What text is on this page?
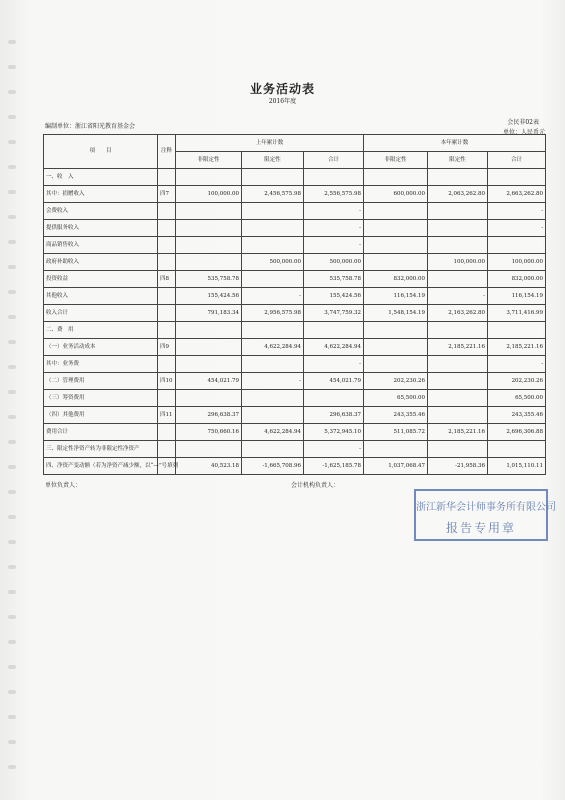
业务活动表
2016年度
编制单位：浙江省阳光教育基金会
会民非02表
单位：人民币元
项　　目	注释	上年累计数			本年累计数		
		非限定性	限定性	合计	非限定性	限定性	合计
一、收　入							
其中：捐赠收入	四7	100,000.00	2,456,575.98	2,556,575.98	600,000.00	2,063,262.80	2,663,262.80
会费收入				-			-
提供服务收入				-			-
商品销售收入				-			
政府补助收入			500,000.00	500,000.00		100,000.00	100,000.00
投资收益	四8	535,758.78		535,758.78	832,000.00		832,000.00
其他收入		155,424.56	-	155,424.56	116,154.19	-	116,154.19
收入合计		791,183.34	2,956,575.98	3,747,759.32	1,548,154.19	2,163,262.80	3,711,416.99
二、费　用							
（一）业务活动成本	四9		4,622,284.94	4,622,284.94		2,185,221.16	2,185,221.16
其中：业务费				-			-
（二）管理费用	四10	454,021.79	-	454,021.79	202,230.26		202,230.26
（三）筹资费用					65,500.00		65,500.00
（四）其他费用	四11	296,638.37		296,638.37	243,355.46		243,355.46
费用合计		750,660.16	4,622,284.94	5,372,945.10	511,085.72	2,185,221.16	2,696,306.88
三、限定性净资产转为非限定性净资产				-			
四、净资产变动额（若为净资产减少额，以“—”号填列		40,523.18	-1,665,708.96	-1,625,185.78	1,037,068.47	-21,958.36	1,015,110.11
单位负责人：	会计机构负责人：
浙江新华会计师事务所有限公司
报告专用章
